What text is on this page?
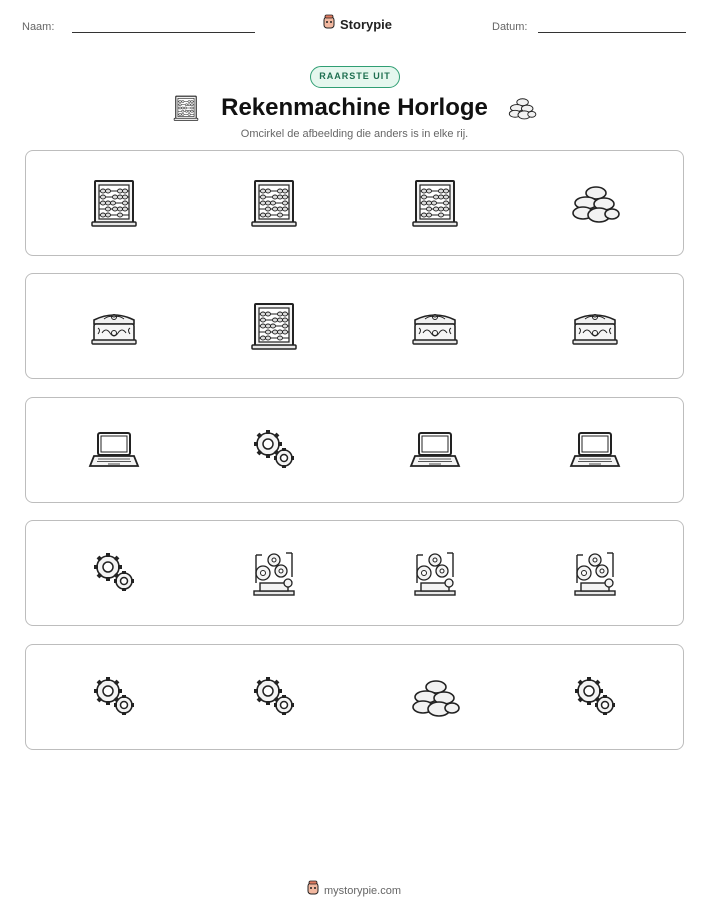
Naam:	Storypie	Datum:
RAARSTE UIT
Rekenmachine Horloge
Omcirkel de afbeelding die anders is in elke rij.
mystorypie.com
